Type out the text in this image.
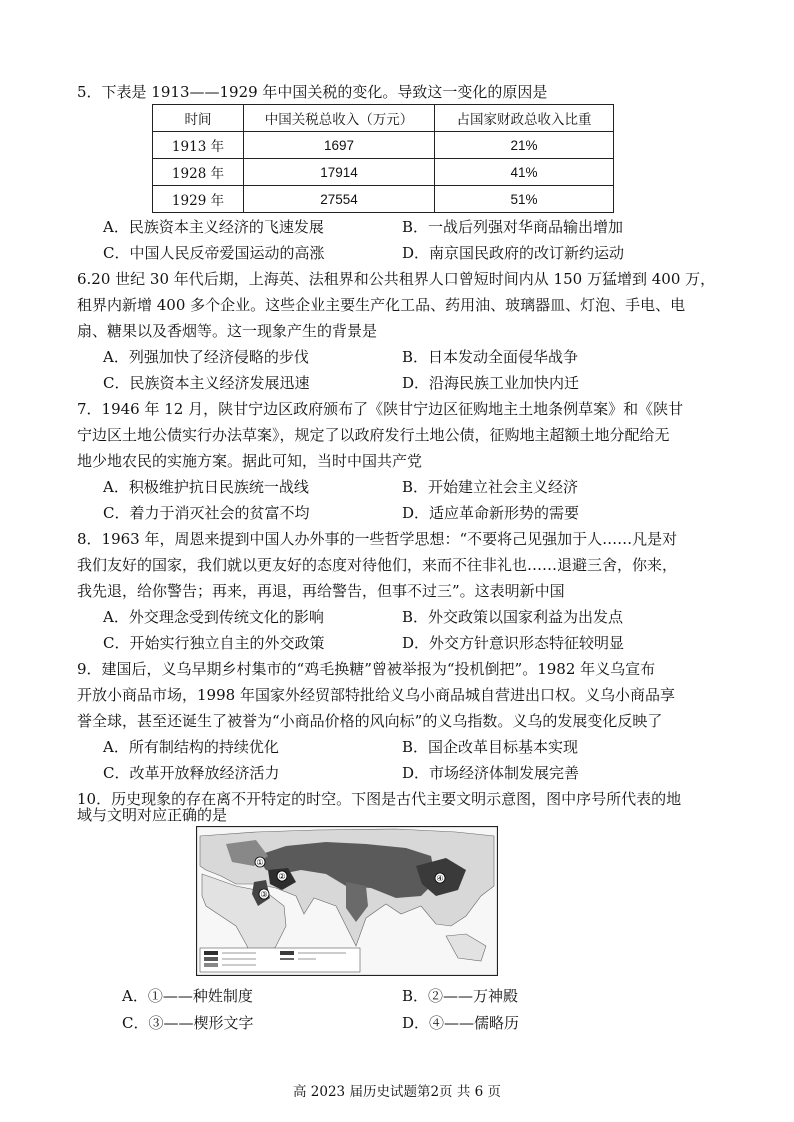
5．下表是 1913——1929 年中国关税的变化。导致这一变化的原因是
时间	中国关税总收入（万元）	占国家财政总收入比重
1913 年	1697	21%
1928 年	17914	41%
1929 年	27554	51%
A．民族资本主义经济的飞速发展	B．一战后列强对华商品输出增加
C．中国人民反帝爱国运动的高涨	D．南京国民政府的改订新约运动
6.20 世纪 30 年代后期，上海英、法租界和公共租界人口曾短时间内从 150 万猛增到 400 万，
租界内新增 400 多个企业。这些企业主要生产化工品、药用油、玻璃器皿、灯泡、手电、电
扇、糖果以及香烟等。这一现象产生的背景是
A．列强加快了经济侵略的步伐	B．日本发动全面侵华战争
C．民族资本主义经济发展迅速	D．沿海民族工业加快内迁
7．1946 年 12 月，陕甘宁边区政府颁布了《陕甘宁边区征购地主土地条例草案》和《陕甘
宁边区土地公债实行办法草案》，规定了以政府发行土地公债，征购地主超额土地分配给无
地少地农民的实施方案。据此可知，当时中国共产党
A．积极维护抗日民族统一战线	B．开始建立社会主义经济
C．着力于消灭社会的贫富不均	D．适应革命新形势的需要
8．1963 年，周恩来提到中国人办外事的一些哲学思想：“不要将己见强加于人……凡是对
我们友好的国家，我们就以更友好的态度对待他们，来而不往非礼也……退避三舍，你来，
我先退，给你警告；再来，再退，再给警告，但事不过三”。这表明新中国
A．外交理念受到传统文化的影响	B．外交政策以国家利益为出发点
C．开始实行独立自主的外交政策	D．外交方针意识形态特征较明显
9．建国后，义乌早期乡村集市的“鸡毛换糖”曾被举报为“投机倒把”。1982 年义乌宣布
开放小商品市场，1998 年国家外经贸部特批给义乌小商品城自营进出口权。义乌小商品享
誉全球，甚至还诞生了被誉为“小商品价格的风向标”的义乌指数。义乌的发展变化反映了
A．所有制结构的持续优化	B．国企改革目标基本实现
C．改革开放释放经济活力	D．市场经济体制发展完善
10．历史现象的存在离不开特定的时空。下图是古代主要文明示意图，图中序号所代表的地
域与文明对应正确的是
①
②
③
④
A．①——种姓制度	B．②——万神殿
C．③——楔形文字	D．④——儒略历
高 2023 届历史试题第2页 共 6 页
